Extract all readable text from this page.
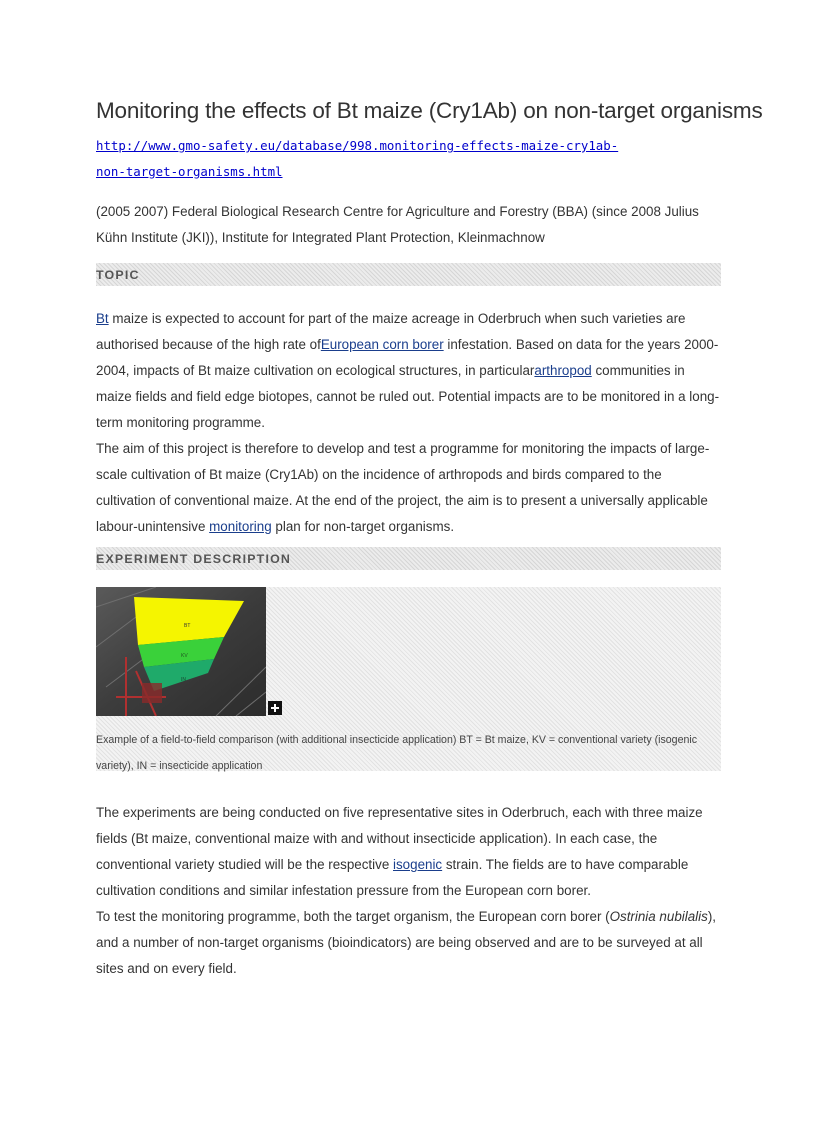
Monitoring the effects of Bt maize (Cry1Ab) on non-target organisms
http://www.gmo-safety.eu/database/998.monitoring-effects-maize-cry1ab-
non-target-organisms.html
(2005 2007) Federal Biological Research Centre for Agriculture and Forestry (BBA) (since 2008 Julius
Kühn Institute (JKI)), Institute for Integrated Plant Protection, Kleinmachnow
TOPIC

Bt maize is expected to account for part of the maize acreage in Oderbruch when such varieties are authorised because of the high rate ofEuropean corn borer infestation. Based on data for the years 2000-2004, impacts of Bt maize cultivation on ecological structures, in particulararthropod communities in maize fields and field edge biotopes, cannot be ruled out. Potential impacts are to be monitored in a long-term monitoring programme.

The aim of this project is therefore to develop and test a programme for monitoring the impacts of large-scale cultivation of Bt maize (Cry1Ab) on the incidence of arthropods and birds compared to the cultivation of conventional maize. At the end of the project, the aim is to present a universally applicable labour-unintensive monitoring plan for non-target organisms.

EXPERIMENT DESCRIPTION
BT
KV
IN
Example of a field-to-field comparison (with additional insecticide application) BT = Bt maize, KV = conventional variety (isogenic variety), IN = insecticide application

The experiments are being conducted on five representative sites in Oderbruch, each with three maize fields (Bt maize, conventional maize with and without insecticide application). In each case, the conventional variety studied will be the respective isogenic strain. The fields are to have comparable cultivation conditions and similar infestation pressure from the European corn borer.

To test the monitoring programme, both the target organism, the European corn borer (Ostrinia nubilalis), and a number of non-target organisms (bioindicators) are being observed and are to be surveyed at all sites and on every field.
